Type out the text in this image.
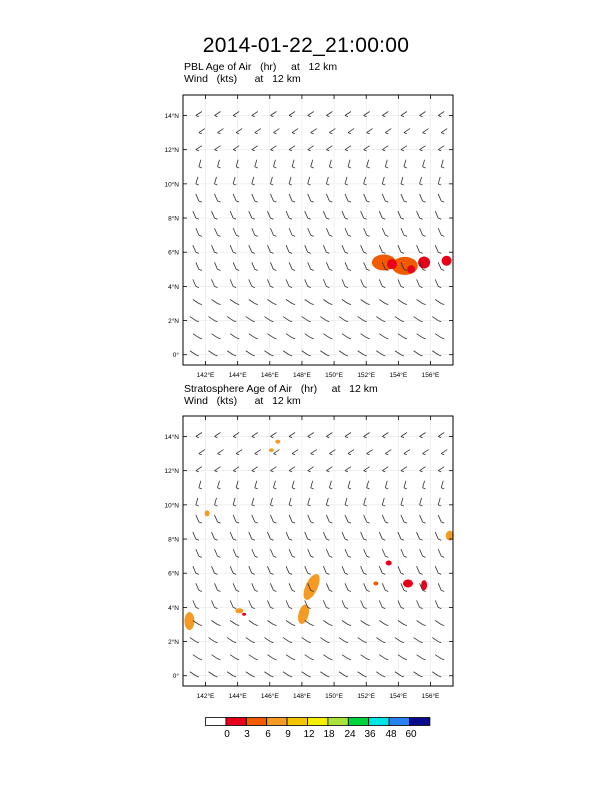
2014-01-22_21:00:00
PBL Age of Air   (hr)     at   12 km
Wind   (kts)      at   12 km
142°E 144°E 146°E 148°E 150°E 152°E 154°E 156°E
0°
2°N
4°N
6°N
8°N
10°N
12°N
14°N
Stratosphere Age of Air   (hr)     at   12 km
Wind   (kts)      at   12 km
142°E 144°E 146°E 148°E 150°E 152°E 154°E 156°E
0°
2°N
4°N
6°N
8°N
10°N
12°N
14°N
0	3	6	9	12 18 24 36 48 60
